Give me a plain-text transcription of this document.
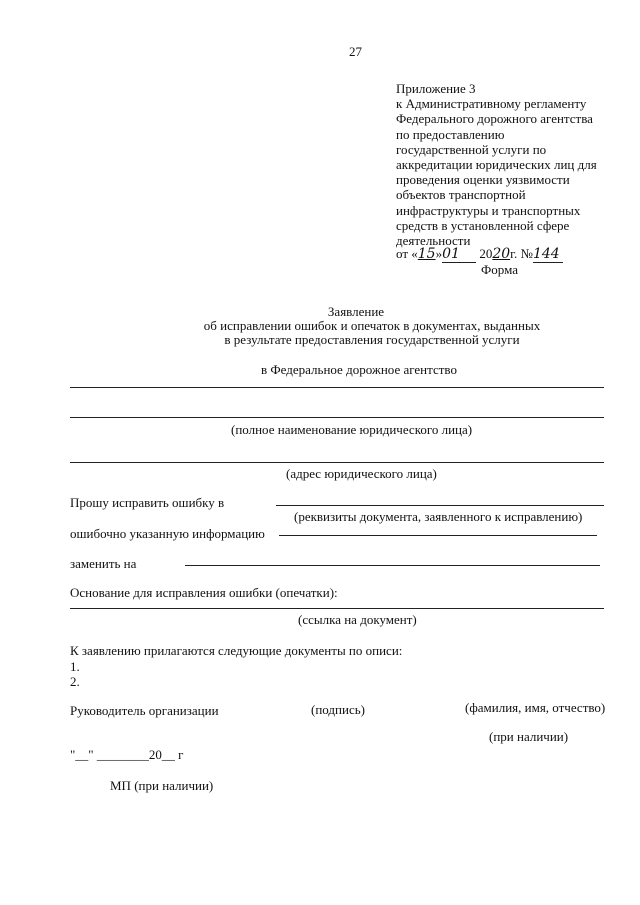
27
Приложение 3
к Административному регламенту
Федерального дорожного агентства
по предоставлению
государственной услуги по
аккредитации юридических лиц для
проведения оценки уязвимости
объектов транспортной
инфраструктуры и транспортных
средств в установленной сфере
деятельности
от «15»01 2020г. №144
Форма
Заявление
об исправлении ошибок и опечаток в документах, выданных
в результате предоставления государственной услуги
в Федеральное дорожное агентство
(полное наименование юридического лица)
(адрес юридического лица)
Прошу исправить ошибку в
(реквизиты документа, заявленного к исправлению)
ошибочно указанную информацию
заменить на
Основание для исправления ошибки (опечатки):
(ссылка на документ)
К заявлению прилагаются следующие документы по описи:
1.
2.
Руководитель организации	(подпись)	(фамилия, имя, отчество)
(при наличии)
"__" ________20__ г
МП (при наличии)
